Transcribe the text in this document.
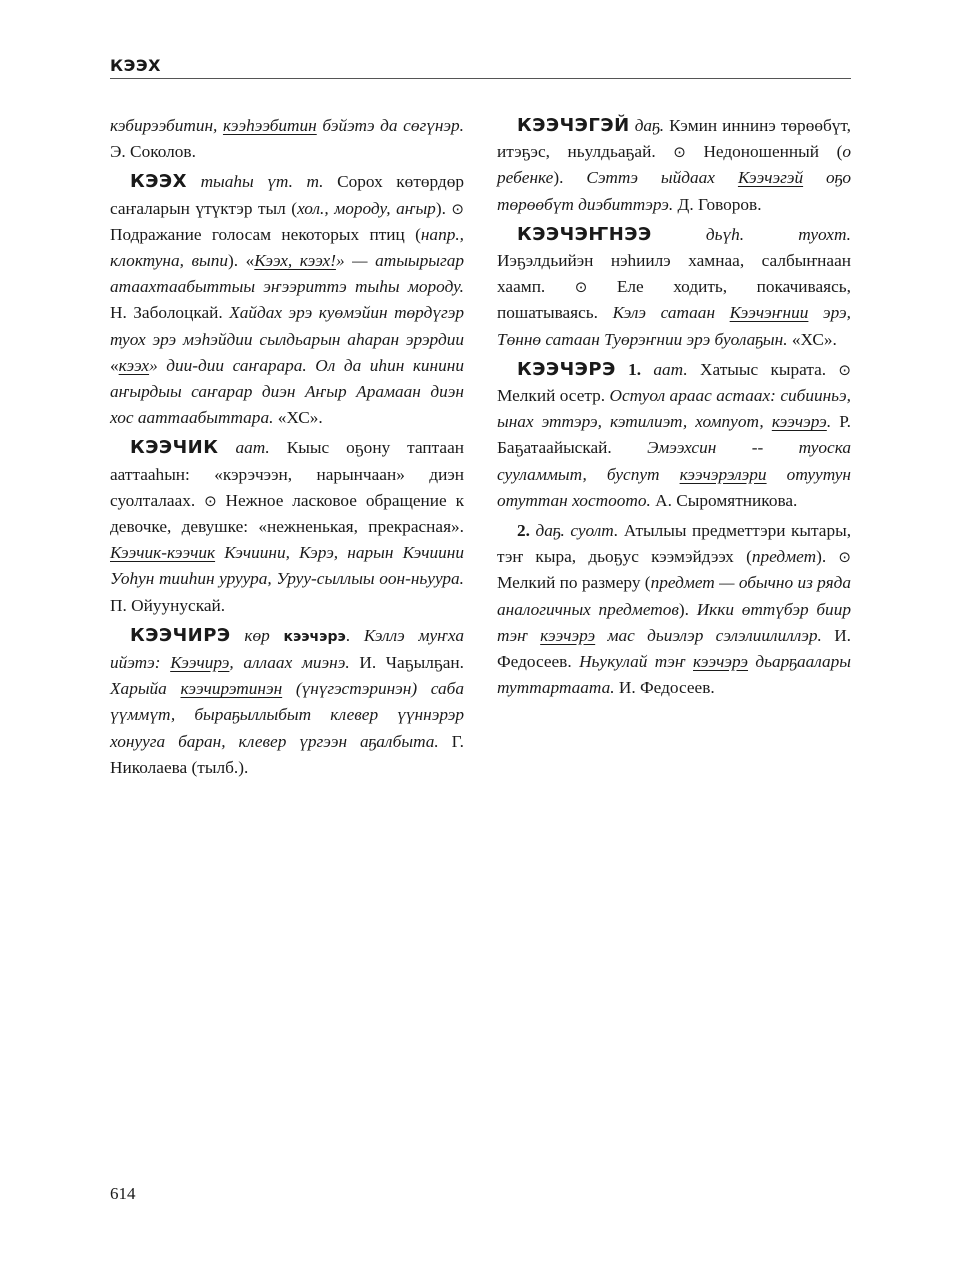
КЭЭХ

кэбирээбитин, кээһээбитин бэйэтэ да сөгүнэр. Э. Соколов.

КЭЭХ тыаһы үт. т. Сорох көтөрдөр саҥаларын үтүктэр тыл (хол., мороду, аҥыр). ⊙ Подражание голосам некоторых птиц (напр., клоктуна, выпи). «Кээх, кээх!» — атыырыгар атаахтаабыттыы эҥээриттэ тыһы мороду. Н. Заболоцкай. Хайдах эрэ куөмэйин төрдүгэр туох эрэ мэһэйдии сылдьарын аһаран эрэрдии «кээх» дии-дии саҥарара. Ол да иһин кинини аҥырдыы саҥарар диэн Аҥыр Арамаан диэн хос ааттаабыттара. «ХС».

КЭЭЧИК аат. Кыыс оҕону таптаан ааттааһын: «кэрэчээн, нарынчаан» диэн суолталаах. ⊙ Нежное ласковое обращение к девочке, девушке: «нежненькая, прекрасная». Кээчик-кээчик Кэчиини, Кэрэ, нарын Кэчиини Уоһун тииһин уруура, Уруу-сыллыы оон-ньуура. П. Ойуунускай.

КЭЭЧИРЭ көр кээчэрэ. Кэллэ муҥха ийэтэ: Кээчирэ, аллаах миэнэ. И. Чаҕылҕан. Харыйа кээчирэтинэн (үнүгэстэринэн) саба үүммүт, быраҕыллыбыт клевер үүннэрэр хонууга баран, клевер үргээн аҕалбыта. Г. Николаева (тылб.).

КЭЭЧЭГЭЙ даҕ. Кэмин иннинэ төрөөбүт, итэҕэс, ньулдьаҕай. ⊙ Недоношенный (о ребенке). Сэттэ ыйдаах Кээчэгэй оҕо төрөөбүт диэбиттэрэ. Д. Говоров.

КЭЭЧЭҤНЭЭ	дьүһ. туохт. Иэҕэлдьийэн нэһиилэ хамнаа, салбыҥнаан хаамп. ⊙ Еле ходить, покачиваясь, пошатываясь. Кэлэ сатаан Кээчэҥнии эрэ, Төннө сатаан Туөрэҥнии эрэ буолаҕын. «ХС».

КЭЭЧЭРЭ 1. аат. Хатыыс кырата. ⊙ Мелкий осетр. Остуол араас астаах: сибииньэ, ынах эттэрэ, кэтилиэт, хомпуот, кээчэрэ. Р. Баҕатаайыскай. Эмээхсин -- туоска сууламмыт, буспут кээчэрэлэри отуутун отуттан хостоото. А. Сыромятникова.

2. даҕ. суолт. Атылыы предметтэри кытары, тэҥ кыра, дьоҕус кээмэйдээх (предмет). ⊙ Мелкий по размеру (предмет — обычно из ряда аналогичных предметов). Икки өттүбэр биир тэҥ кээчэрэ мас дьиэлэр сэлэлиилиллэр. И. Федосеев. Ньукулай тэҥ кээчэрэ дьарҕаалары туттартаата. И. Федосеев.

614
